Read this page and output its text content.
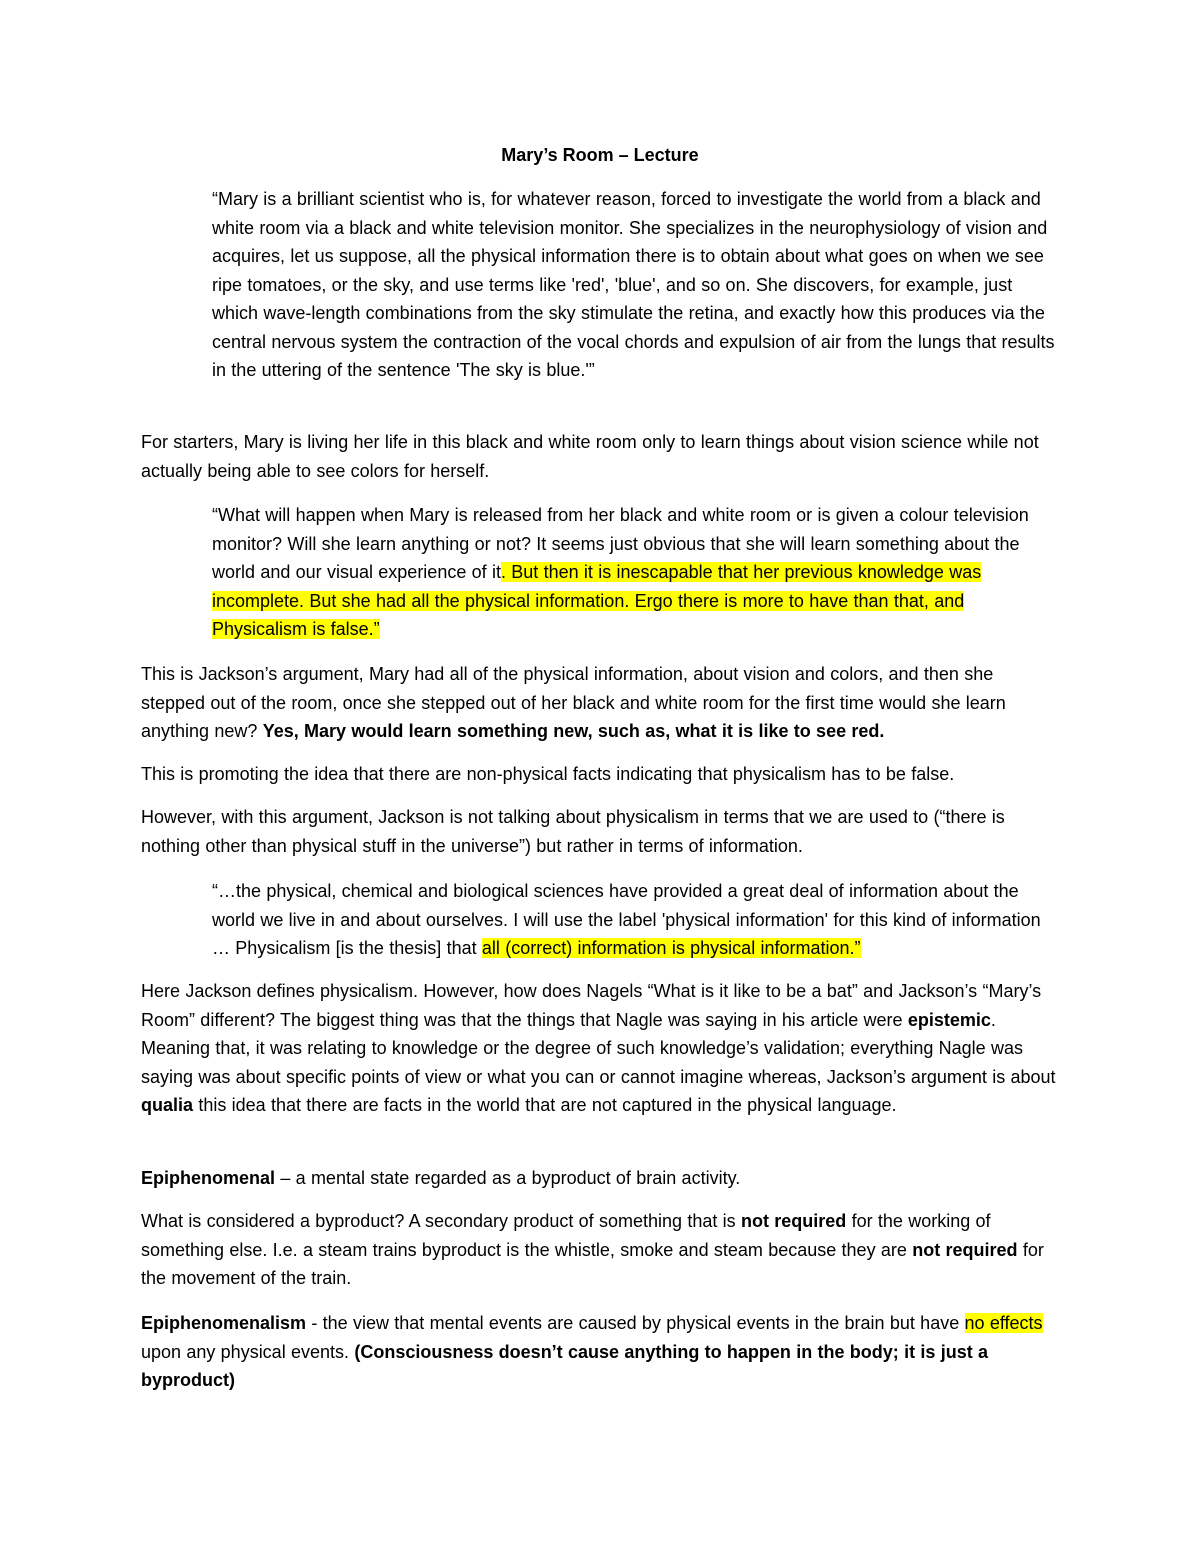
Mary’s Room – Lecture

“Mary is a brilliant scientist who is, for whatever reason, forced to investigate the world from a black and white room via a black and white television monitor. She specializes in the neurophysiology of vision and acquires, let us suppose, all the physical information there is to obtain about what goes on when we see ripe tomatoes, or the sky, and use terms like 'red', 'blue', and so on. She discovers, for example, just which wave-length combinations from the sky stimulate the retina, and exactly how this produces via the central nervous system the contraction of the vocal chords and expulsion of air from the lungs that results in the uttering of the sentence 'The sky is blue.'”

For starters, Mary is living her life in this black and white room only to learn things about vision science while not actually being able to see colors for herself.

“What will happen when Mary is released from her black and white room or is given a colour television monitor? Will she learn anything or not? It seems just obvious that she will learn something about the world and our visual experience of it. But then it is inescapable that her previous knowledge was incomplete. But she had all the physical information. Ergo there is more to have than that, and Physicalism is false.”

This is Jackson’s argument, Mary had all of the physical information, about vision and colors, and then she stepped out of the room, once she stepped out of her black and white room for the first time would she learn anything new? Yes, Mary would learn something new, such as, what it is like to see red.

This is promoting the idea that there are non-physical facts indicating that physicalism has to be false.

However, with this argument, Jackson is not talking about physicalism in terms that we are used to (“there is nothing other than physical stuff in the universe”) but rather in terms of information.

“…the physical, chemical and biological sciences have provided a great deal of information about the world we live in and about ourselves. I will use the label 'physical information' for this kind of information … Physicalism [is the thesis] that all (correct) information is physical information.”

Here Jackson defines physicalism. However, how does Nagels “What is it like to be a bat” and Jackson’s “Mary’s Room” different? The biggest thing was that the things that Nagle was saying in his article were epistemic. Meaning that, it was relating to knowledge or the degree of such knowledge’s validation; everything Nagle was saying was about specific points of view or what you can or cannot imagine whereas, Jackson’s argument is about qualia this idea that there are facts in the world that are not captured in the physical language.

Epiphenomenal – a mental state regarded as a byproduct of brain activity.

What is considered a byproduct? A secondary product of something that is not required for the working of something else. I.e. a steam trains byproduct is the whistle, smoke and steam because they are not required for the movement of the train.

Epiphenomenalism - the view that mental events are caused by physical events in the brain but have no effects upon any physical events. (Consciousness doesn’t cause anything to happen in the body; it is just a byproduct)
